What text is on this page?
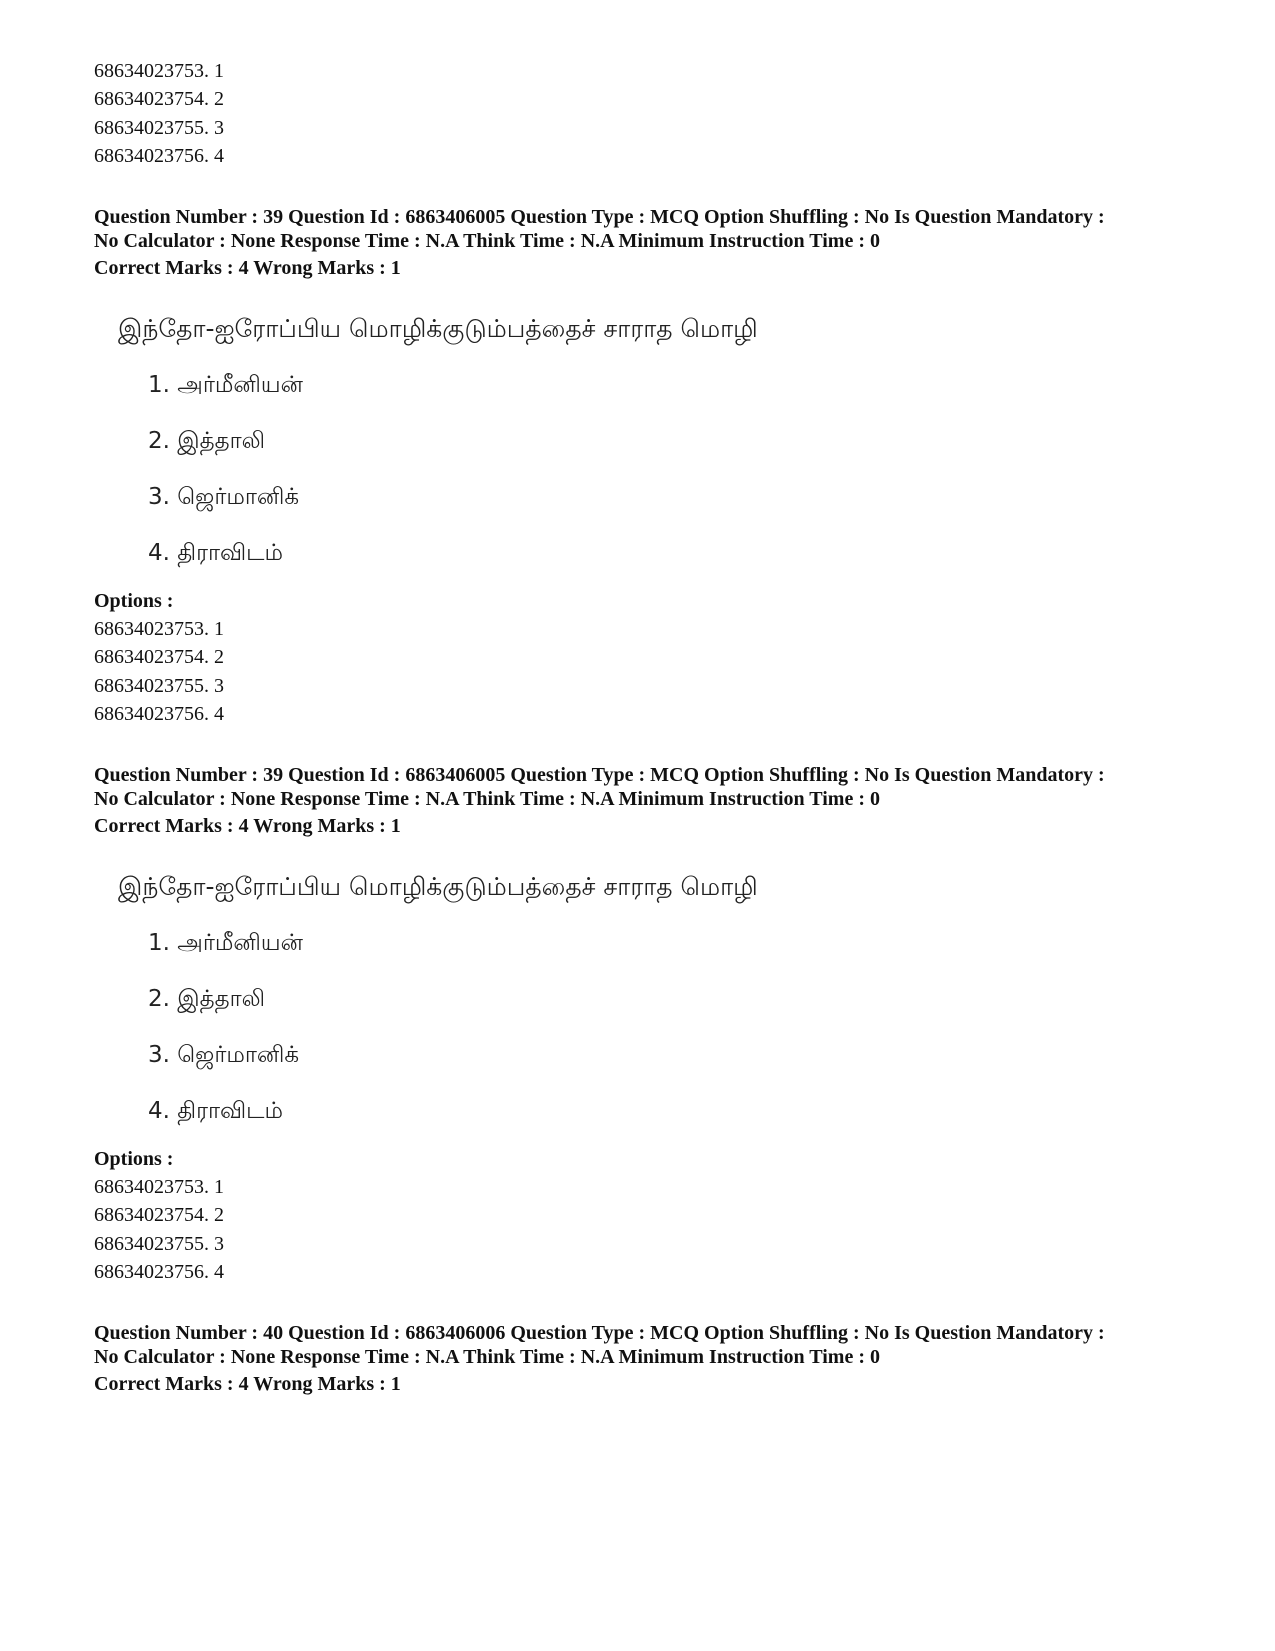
68634023753. 1
68634023754. 2
68634023755. 3
68634023756. 4
Question Number : 39 Question Id : 6863406005 Question Type : MCQ Option Shuffling : No Is Question Mandatory :
No Calculator : None Response Time : N.A Think Time : N.A Minimum Instruction Time : 0
Correct Marks : 4 Wrong Marks : 1
இந்தோ-ஐரோப்பிய மொழிக்குடும்பத்தைச் சாராத மொழி
1. அர்மீனியன்
2. இத்தாலி
3. ஜெர்மானிக்
4. திராவிடம்
Options :
68634023753. 1
68634023754. 2
68634023755. 3
68634023756. 4
Question Number : 39 Question Id : 6863406005 Question Type : MCQ Option Shuffling : No Is Question Mandatory :
No Calculator : None Response Time : N.A Think Time : N.A Minimum Instruction Time : 0
Correct Marks : 4 Wrong Marks : 1
இந்தோ-ஐரோப்பிய மொழிக்குடும்பத்தைச் சாராத மொழி
1. அர்மீனியன்
2. இத்தாலி
3. ஜெர்மானிக்
4. திராவிடம்
Options :
68634023753. 1
68634023754. 2
68634023755. 3
68634023756. 4
Question Number : 40 Question Id : 6863406006 Question Type : MCQ Option Shuffling : No Is Question Mandatory :
No Calculator : None Response Time : N.A Think Time : N.A Minimum Instruction Time : 0
Correct Marks : 4 Wrong Marks : 1
